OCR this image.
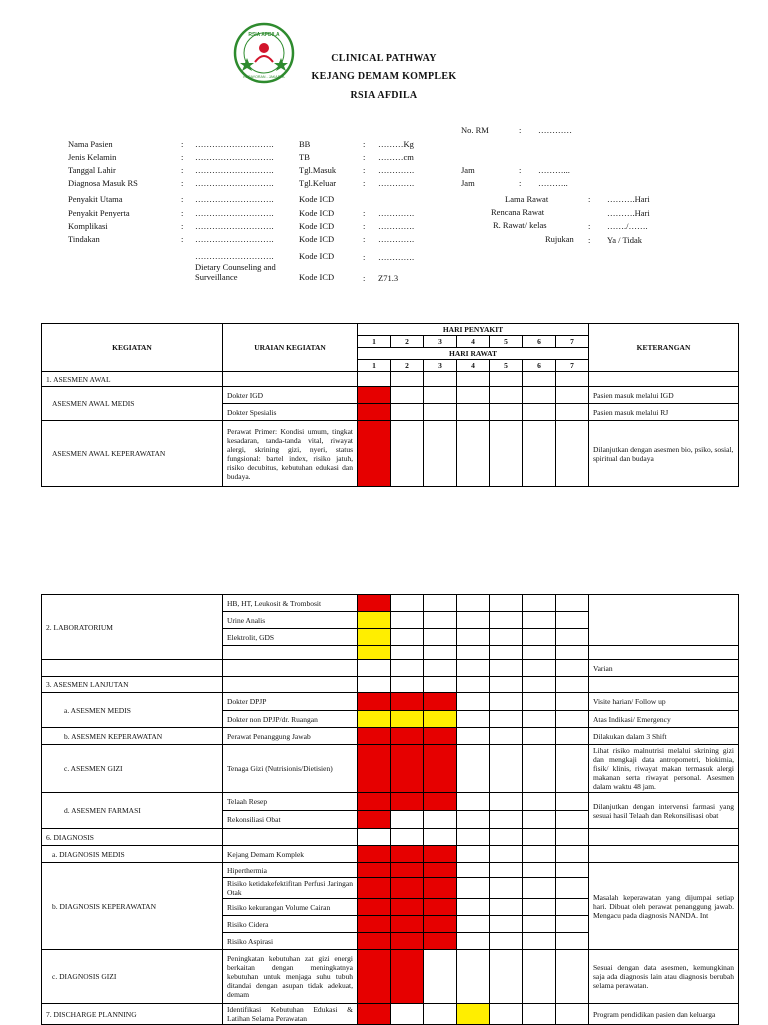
RSIA AFDILA
KEBAYORAN - JAKARTA
CLINICAL PATHWAY
KEJANG DEMAM KOMPLEK
RSIA AFDILA
No. RM	: …………
Nama Pasien	: ……………………….	BB	: ………Kg
Jenis Kelamin	: ……………………….	TB	: ………cm
Tanggal Lahir	: ……………………….	Tgl.Masuk	: ………….	Jam	: ………...
Diagnosa Masuk RS	: ……………………….	Tgl.Keluar	: ………….	Jam	: ………..
Penyakit Utama	: ……………………….	Kode ICD	Lama Rawat	: ……….Hari
Penyakit Penyerta	: ……………………….	Kode ICD	: ………….	Rencana Rawat	……….Hari
Komplikasi	: ……………………….	Kode ICD	: ………….	R. Rawat/ kelas	: ……./…….
Tindakan	: ……………………….	Kode ICD	: ………….	Rujukan : Ya / Tidak
……………………….	Kode ICD	: ………….
Dietary Counseling and
Surveillance	Kode ICD	: Z71.3
KEGIATAN	URAIAN KEGIATAN	HARI PENYAKIT							KETERANGAN
		1	2	3	4	5	6	7	
		HARI RAWAT							
		1	2	3	4	5	6	7	
1. ASESMEN AWAL									
ASESMEN AWAL MEDIS	Dokter IGD								Pasien masuk melalui IGD
	Dokter Spesialis								Pasien masuk melalui RJ
ASESMEN AWAL KEPERAWATAN	Perawat Primer: Kondisi umum, tingkat kesadaran, tanda-tanda vital, riwayat alergi, skrining gizi, nyeri, status fungsional: bartel index, risiko jatuh, risiko decubitus, kebutuhan edukasi dan budaya.								Dilanjutkan dengan asesmen bio, psiko, sosial, spiritual dan budaya
2. LABORATORIUM	HB, HT, Leukosit & Trombosit								
	Urine Analis								
	Elektrolit, GDS								

									Varian
3. ASESMEN LANJUTAN									
a. ASESMEN MEDIS	Dokter DPJP								Visite harian/ Follow up
	Dokter non DPJP/dr. Ruangan								Atas Indikasi/ Emergency
b. ASESMEN KEPERAWATAN	Perawat Penanggung Jawab								Dilakukan dalam 3 Shift
c. ASESMEN GIZI	Tenaga Gizi (Nutrisionis/Dietisien)								Lihat risiko malnutrisi melalui skrining gizi dan mengkaji data antropometri, biokimia, fisik/ klinis, riwayat makan termasuk alergi makanan serta riwayat personal. Asesmen dalam waktu 48 jam.
d. ASESMEN FARMASI	Telaah Resep								Dilanjutkan dengan intervensi farmasi yang sesuai hasil Telaah dan Rekonsilisasi obat
	Rekonsiliasi Obat								
6. DIAGNOSIS									
a. DIAGNOSIS MEDIS	Kejang Demam Komplek								
b. DIAGNOSIS KEPERAWATAN	Hiperthermia								Masalah keperawatan yang dijumpai setiap hari. Dibuat oleh perawat penanggung jawab. Mengacu pada diagnosis NANDA. Int
	Risiko ketidakefektifitan Perfusi Jaringan Otak								
	Risiko kekurangan Volume Cairan								
	Risiko Cidera								
	Risiko Aspirasi								
c. DIAGNOSIS GIZI	Peningkatan kebutuhan zat gizi energi berkaitan dengan meningkatnya kebutuhan untuk menjaga suhu tubuh ditandai dengan asupan tidak adekuat, demam								Sesuai dengan data asesmen, kemungkinan saja ada diagnosis lain atau diagnosis berubah selama perawatan.
7. DISCHARGE PLANNING	Identifikasi Kebutuhan Edukasi & Latihan Selama Perawatan								Program pendidikan pasien dan keluarga
